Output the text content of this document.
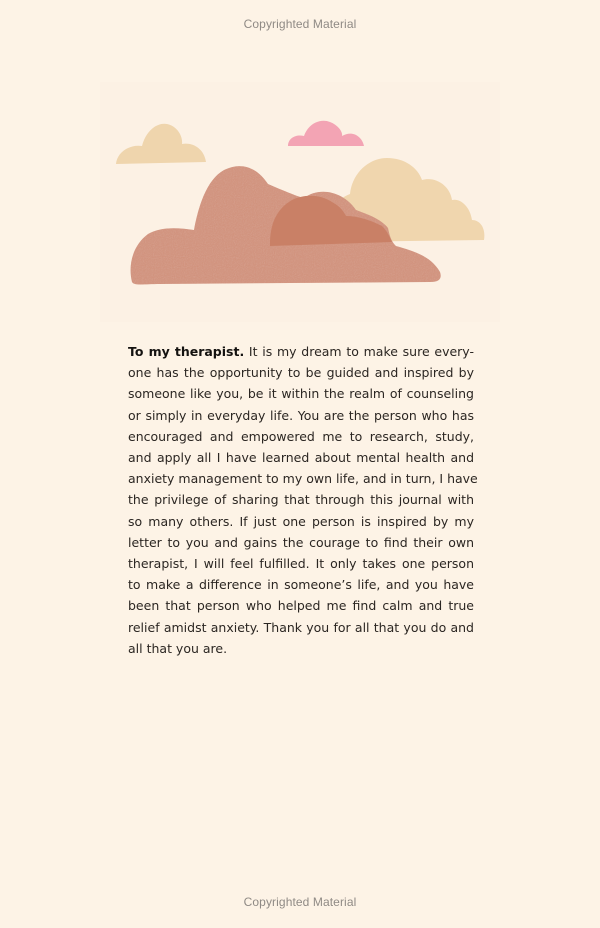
Copyrighted Material
To my therapist. It is my dream to make sure every-
one has the opportunity to be guided and inspired by
someone like you, be it within the realm of counseling
or simply in everyday life. You are the person who has
encouraged and empowered me to research, study,
and apply all I have learned about mental health and
anxiety management to my own life, and in turn, I have
the privilege of sharing that through this journal with
so many others. If just one person is inspired by my
letter to you and gains the courage to find their own
therapist, I will feel fulfilled. It only takes one person
to make a difference in someone’s life, and you have
been that person who helped me find calm and true
relief amidst anxiety. Thank you for all that you do and
all that you are.
Copyrighted Material
